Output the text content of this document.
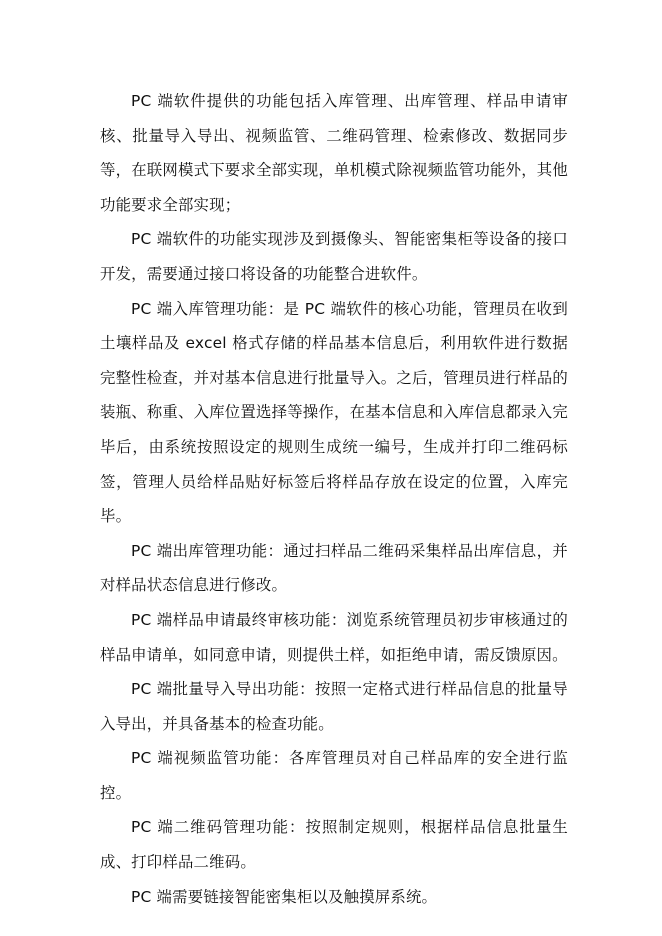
PC 端软件提供的功能包括入库管理、出库管理、样品申请审核、批量导入导出、视频监管、二维码管理、检索修改、数据同步等，在联网模式下要求全部实现，单机模式除视频监管功能外，其他功能要求全部实现；

PC 端软件的功能实现涉及到摄像头、智能密集柜等设备的接口开发，需要通过接口将设备的功能整合进软件。

PC 端入库管理功能：是 PC 端软件的核心功能，管理员在收到土壤样品及 excel 格式存储的样品基本信息后，利用软件进行数据完整性检查，并对基本信息进行批量导入。之后，管理员进行样品的装瓶、称重、入库位置选择等操作，在基本信息和入库信息都录入完毕后，由系统按照设定的规则生成统一编号，生成并打印二维码标签，管理人员给样品贴好标签后将样品存放在设定的位置，入库完毕。

PC 端出库管理功能：通过扫样品二维码采集样品出库信息，并对样品状态信息进行修改。

PC 端样品申请最终审核功能：浏览系统管理员初步审核通过的样品申请单，如同意申请，则提供土样，如拒绝申请，需反馈原因。

PC 端批量导入导出功能：按照一定格式进行样品信息的批量导入导出，并具备基本的检查功能。

PC 端视频监管功能：各库管理员对自己样品库的安全进行监控。

PC 端二维码管理功能：按照制定规则，根据样品信息批量生成、打印样品二维码。

PC 端需要链接智能密集柜以及触摸屏系统。
